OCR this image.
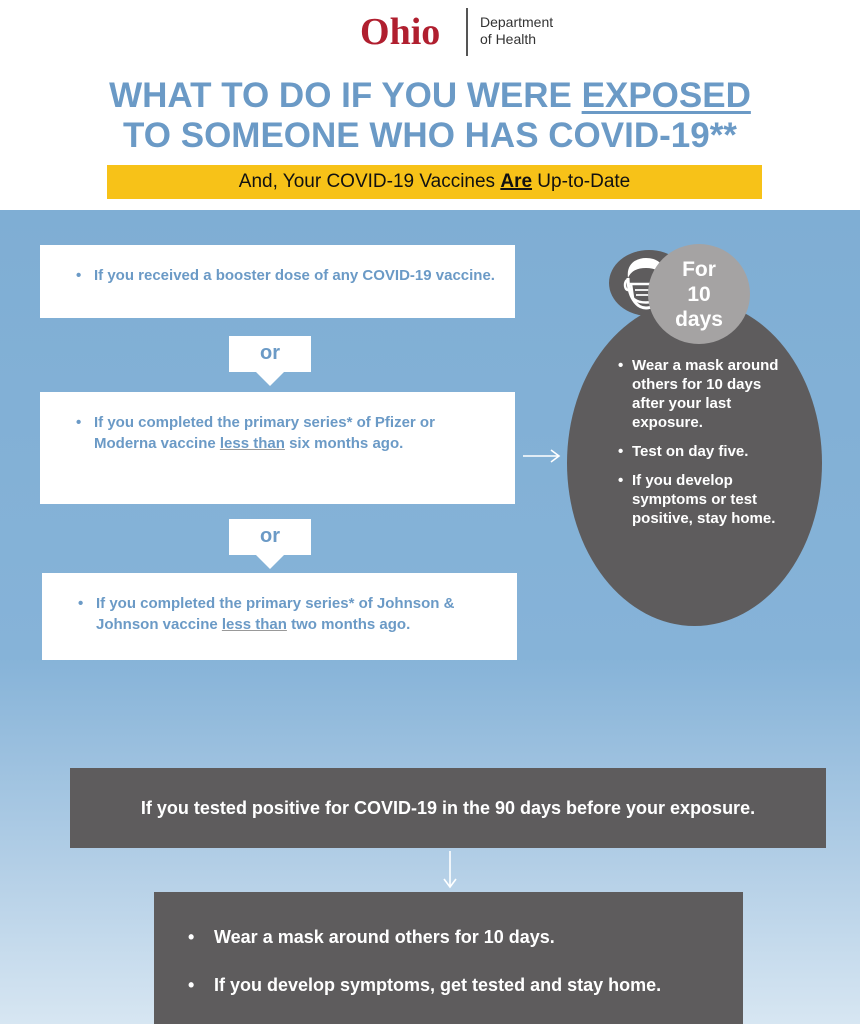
Ohio	Department
of Health
WHAT TO DO IF YOU WERE EXPOSED
TO SOMEONE WHO HAS COVID-19**
And, Your COVID-19 Vaccines Are Up-to-Date
• If you received a booster dose of any COVID-19 vaccine.
or
• If you completed the primary series* of Pfizer or Moderna vaccine less than six months ago.
or
• If you completed the primary series* of Johnson & Johnson vaccine less than two months ago.
• Wear a mask around others for 10 days after your last exposure.
• Test on day five.
• If you develop symptoms or test positive, stay home.
For
10
days
If you tested positive for COVID-19 in the 90 days before your exposure.
• Wear a mask around others for 10 days.
• If you develop symptoms, get tested and stay home.
